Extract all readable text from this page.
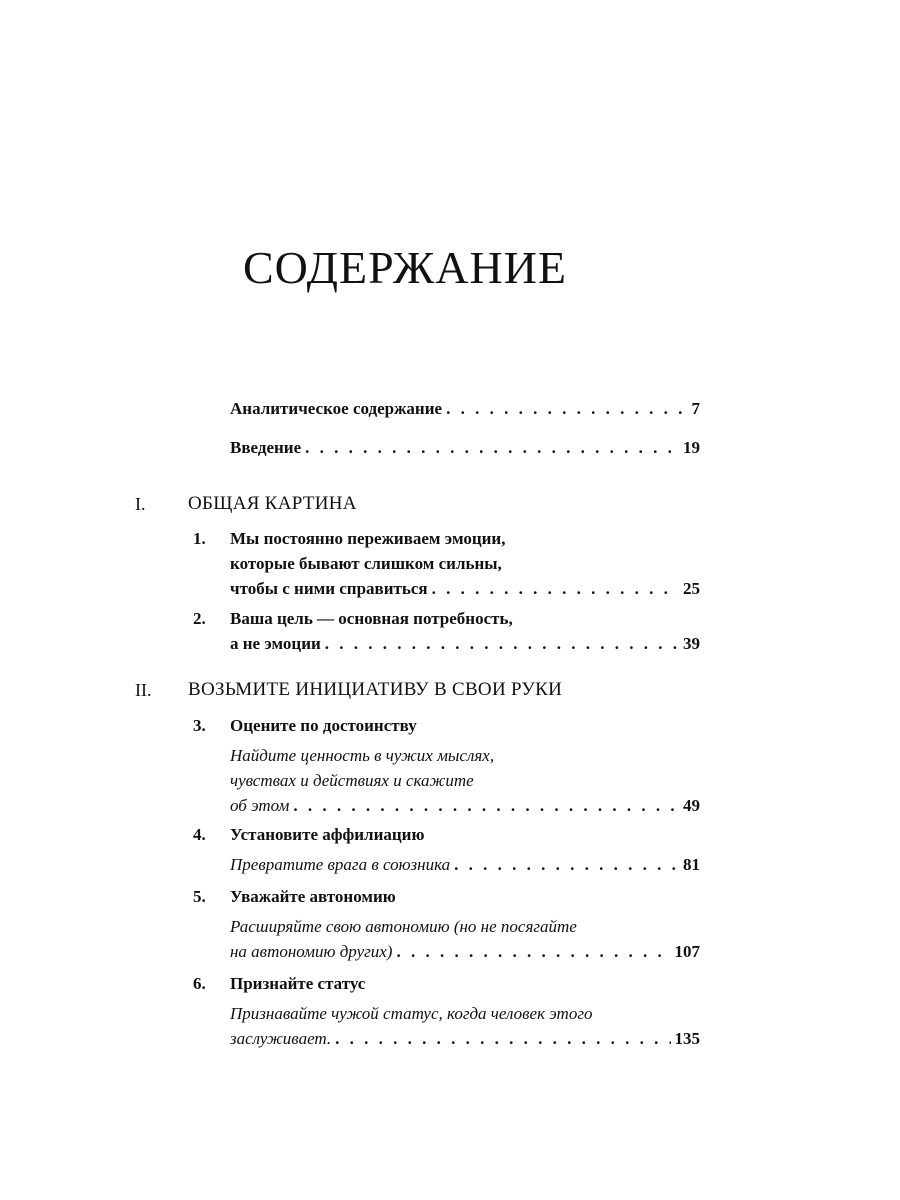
СОДЕРЖАНИЕ
Аналитическое содержание . . .	7
Введение . . .	19
I. ОБЩАЯ КАРТИНА
1.	Мы постоянно переживаем эмоции,
которые бывают слишком сильны,
чтобы с ними справиться . . .	25
2.	Ваша цель — основная потребность,
а не эмоции . . .	39
II. ВОЗЬМИТЕ ИНИЦИАТИВУ В СВОИ РУКИ
3.	Оцените по достоинству
Найдите ценность в чужих мыслях,
чувствах и действиях и скажите
об этом . . .	49
4.	Установите аффилиацию
Превратите врага в союзника . . .	81
5.	Уважайте автономию
Расширяйте свою автономию (но не посягайте
на автономию других) . . .	107
6.	Признайте статус
Признавайте чужой статус, когда человек этого
заслуживает. . . .	135
